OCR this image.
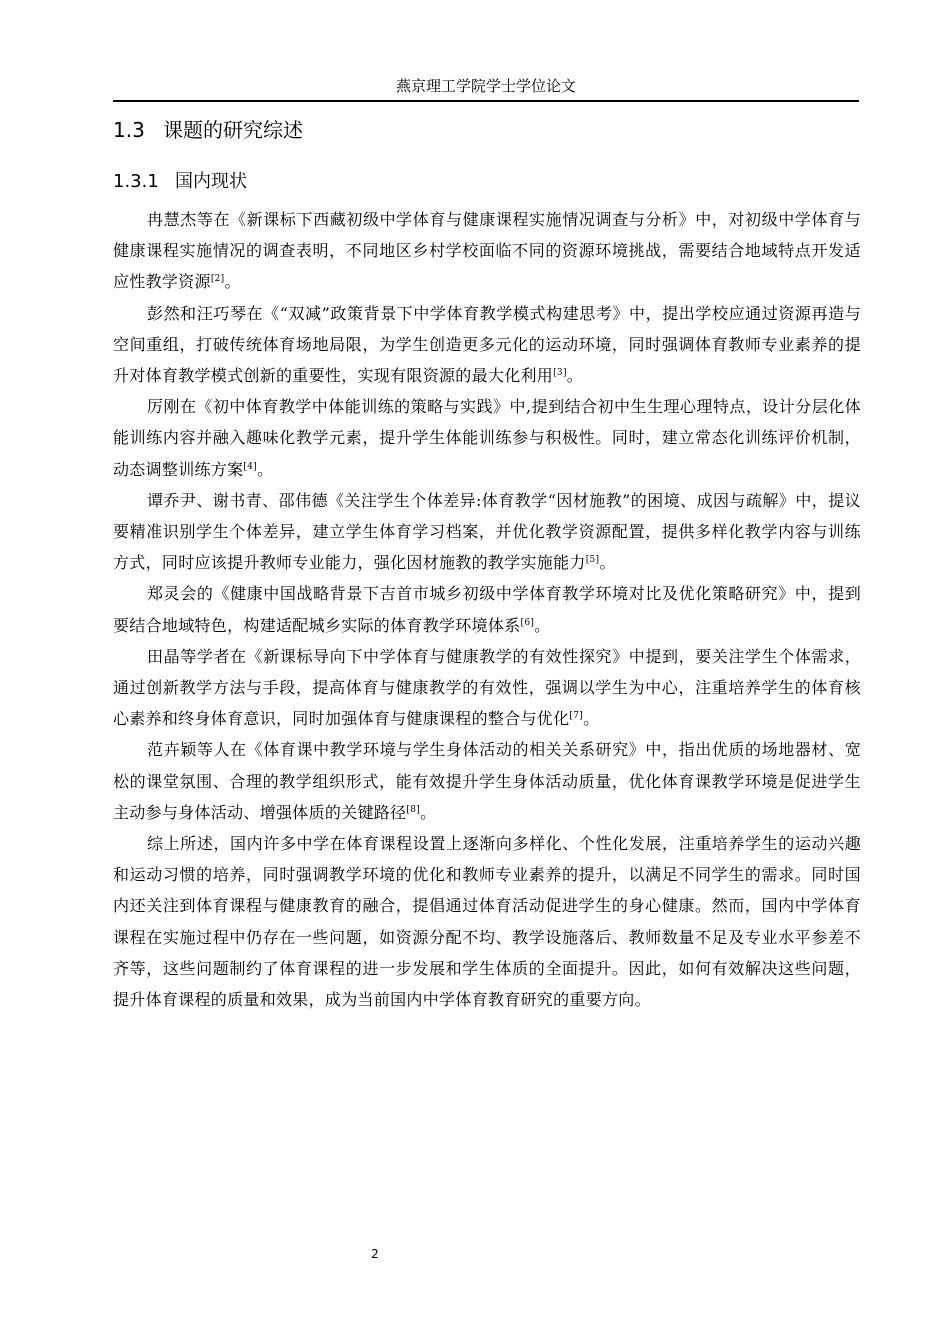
燕京理工学院学士学位论文
1.3 课题的研究综述
1.3.1 国内现状

冉慧杰等在《新课标下西藏初级中学体育与健康课程实施情况调查与分析》中，对初级中学体育与健康课程实施情况的调查表明，不同地区乡村学校面临不同的资源环境挑战，需要结合地域特点开发适应性教学资源[2]。

彭然和汪巧琴在《“双减”政策背景下中学体育教学模式构建思考》中，提出学校应通过资源再造与空间重组，打破传统体育场地局限，为学生创造更多元化的运动环境，同时强调体育教师专业素养的提升对体育教学模式创新的重要性，实现有限资源的最大化利用[3]。

厉刚在《初中体育教学中体能训练的策略与实践》中,提到结合初中生生理心理特点，设计分层化体能训练内容并融入趣味化教学元素，提升学生体能训练参与积极性。同时，建立常态化训练评价机制，动态调整训练方案[4]。

谭乔尹、谢书青、邵伟德《关注学生个体差异:体育教学“因材施教”的困境、成因与疏解》中，提议要精准识别学生个体差异，建立学生体育学习档案，并优化教学资源配置，提供多样化教学内容与训练方式，同时应该提升教师专业能力，强化因材施教的教学实施能力[5]。

郑灵会的《健康中国战略背景下吉首市城乡初级中学体育教学环境对比及优化策略研究》中，提到要结合地域特色，构建适配城乡实际的体育教学环境体系[6]。

田晶等学者在《新课标导向下中学体育与健康教学的有效性探究》中提到，要关注学生个体需求，通过创新教学方法与手段，提高体育与健康教学的有效性，强调以学生为中心，注重培养学生的体育核心素养和终身体育意识，同时加强体育与健康课程的整合与优化[7]。

范卉颖等人在《体育课中教学环境与学生身体活动的相关关系研究》中，指出优质的场地器材、宽松的课堂氛围、合理的教学组织形式，能有效提升学生身体活动质量，优化体育课教学环境是促进学生主动参与身体活动、增强体质的关键路径[8]。

综上所述，国内许多中学在体育课程设置上逐渐向多样化、个性化发展，注重培养学生的运动兴趣和运动习惯的培养，同时强调教学环境的优化和教师专业素养的提升，以满足不同学生的需求。同时国内还关注到体育课程与健康教育的融合，提倡通过体育活动促进学生的身心健康。然而，国内中学体育课程在实施过程中仍存在一些问题，如资源分配不均、教学设施落后、教师数量不足及专业水平参差不齐等，这些问题制约了体育课程的进一步发展和学生体质的全面提升。因此，如何有效解决这些问题，提升体育课程的质量和效果，成为当前国内中学体育教育研究的重要方向。

2
